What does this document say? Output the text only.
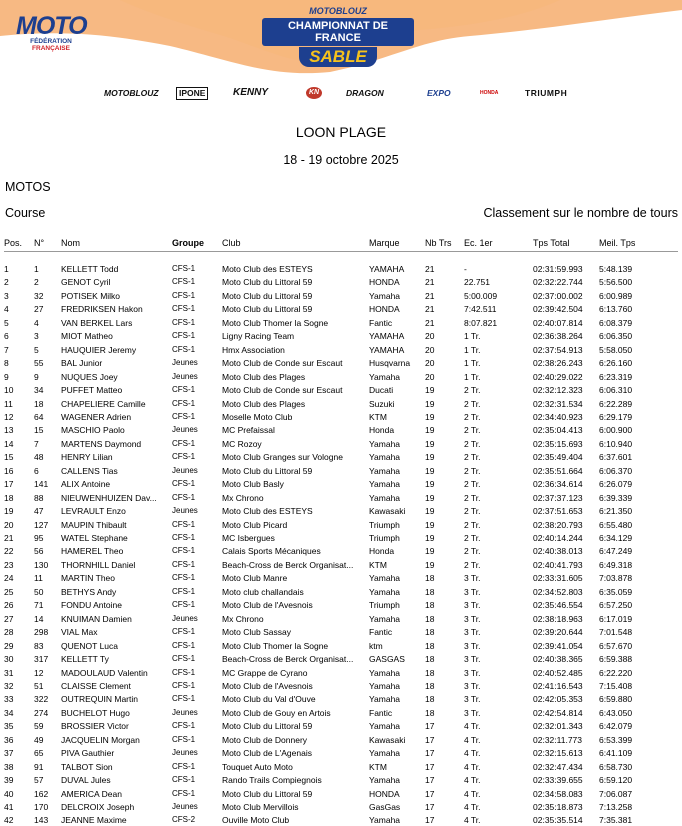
MOTO
FÉDÉRATION
FRANÇAISE
MOTOBLOUZ
CHAMPIONNAT DE FRANCE
SABLE
MOTOBLOUZ	IPONE	KENNY	KN	DRAGON	EXPO	HONDA	TRIUMPH
LOON PLAGE
18 - 19 octobre 2025
MOTOS
Course	Classement sur le nombre de tours
Pos. N° Nom	Groupe Club	Marque	Nb Trs Ec. 1er	Tps Total	Meil. Tps
1	1	KELLETT Todd	CFS-1	Moto Club des ESTEYS	YAMAHA 21	-	02:31:59.993 5:48.139
2	2	GENOT Cyril	CFS-1	Moto Club du Littoral 59	HONDA	21	22.751	02:32:22.744 5:56.500
3	32 POTISEK Milko	CFS-1	Moto Club du Littoral 59	Yamaha	21	5:00.009	02:37:00.002 6:00.989
4	27 FREDRIKSEN Hakon	CFS-1	Moto Club du Littoral 59	HONDA	21	7:42.511	02:39:42.504 6:13.760
5	4	VAN BERKEL Lars	CFS-1	Moto Club Thomer la Sogne	Fantic	21	8:07.821	02:40:07.814 6:08.379
6	3	MIOT Matheo	CFS-1	Ligny Racing Team	YAMAHA 20	1 Tr.	02:36:38.264 6:06.350
7	5	HAUQUIER Jeremy	CFS-1	Hmx Association	YAMAHA 20	1 Tr.	02:37:54.913 5:58.050
8	55 BAL Junior	Jeunes	Moto Club de Conde sur Escaut	Husqvarna 20	1 Tr.	02:38:26.243 6:26.160
9	9	NUQUES Joey	Jeunes	Moto Club des Plages	Yamaha	20	1 Tr.	02:40:29.022 6:23.319
10 34 PUFFET Matteo	CFS-1	Moto Club de Conde sur Escaut	Ducati	19	2 Tr.	02:32:12.323 6:06.310
11 18 CHAPELIERE Camille	CFS-1	Moto Club des Plages	Suzuki	19	2 Tr.	02:32:31.534 6:22.289
12 64 WAGENER Adrien	CFS-1	Moselle Moto Club	KTM	19	2 Tr.	02:34:40.923 6:29.179
13 15 MASCHIO Paolo	Jeunes	MC Prefaissal	Honda	19	2 Tr.	02:35:04.413 6:00.900
14 7	MARTENS Daymond	CFS-1	MC Rozoy	Yamaha	19	2 Tr.	02:35:15.693 6:10.940
15 48 HENRY Lilian	CFS-1	Moto Club Granges sur Vologne	Yamaha	19	2 Tr.	02:35:49.404 6:37.601
16 6	CALLENS Tias	Jeunes	Moto Club du Littoral 59	Yamaha	19	2 Tr.	02:35:51.664 6:06.370
17 141 ALIX Antoine	CFS-1	Moto Club Basly	Yamaha	19	2 Tr.	02:36:34.614 6:26.079
18 88 NIEUWENHUIZEN Dav... CFS-1	Mx Chrono	Yamaha	19	2 Tr.	02:37:37.123 6:39.339
19 47 LEVRAULT Enzo	Jeunes	Moto Club des ESTEYS	Kawasaki 19	2 Tr.	02:37:51.653 6:21.350
20 127 MAUPIN Thibault	CFS-1	Moto Club Picard	Triumph	19	2 Tr.	02:38:20.793 6:55.480
21 95 WATEL Stephane	CFS-1	MC Isbergues	Triumph	19	2 Tr.	02:40:14.244 6:34.129
22 56 HAMEREL Theo	CFS-1	Calais Sports Mécaniques	Honda	19	2 Tr.	02:40:38.013 6:47.249
23 130 THORNHILL Daniel	CFS-1	Beach-Cross de Berck Organisat... KTM	19	2 Tr.	02:40:41.793 6:49.318
24 11 MARTIN Theo	CFS-1	Moto Club Manre	Yamaha	18	3 Tr.	02:33:31.605 7:03.878
25 50 BETHYS Andy	CFS-1	Moto club challandais	Yamaha	18	3 Tr.	02:34:52.803 6:35.059
26 71 FONDU Antoine	CFS-1	Moto Club de l'Avesnois	Triumph	18	3 Tr.	02:35:46.554 6:57.250
27 14 KNUIMAN Damien	Jeunes	Mx Chrono	Yamaha	18	3 Tr.	02:38:18.963 6:17.019
28 298 VIAL Max	CFS-1	Moto Club Sassay	Fantic	18	3 Tr.	02:39:20.644 7:01.548
29 83 QUENOT Luca	CFS-1	Moto Club Thomer la Sogne	ktm	18	3 Tr.	02:39:41.054 6:57.670
30 317 KELLETT Ty	CFS-1	Beach-Cross de Berck Organisat... GASGAS 18	3 Tr.	02:40:38.365 6:59.388
31 12 MADOULAUD Valentin	CFS-1	MC Grappe de Cyrano	Yamaha	18	3 Tr.	02:40:52.485 6:22.220
32 51 CLAISSE Clement	CFS-1	Moto Club de l'Avesnois	Yamaha	18	3 Tr.	02:41:16.543 7:15.408
33 322 OUTREQUIN Martin	CFS-1	Moto Club du Val d'Ouve	Yamaha	18	3 Tr.	02:42:05.353 6:59.880
34 274 BUCHELOT Hugo	Jeunes	Moto Club de Gouy en Artois	Fantic	18	3 Tr.	02:42:54.814 6:43.050
35 59 BROSSIER Victor	CFS-1	Moto Club du Littoral 59	Yamaha	17	4 Tr.	02:32:01.343 6:42.079
36 49 JACQUELIN Morgan	CFS-1	Moto Club de Donnery	Kawasaki 17	4 Tr.	02:32:11.773 6:53.399
37 65 PIVA Gauthier	Jeunes	Moto Club de L'Agenais	Yamaha	17	4 Tr.	02:32:15.613 6:41.109
38 91 TALBOT Sion	CFS-1	Touquet Auto Moto	KTM	17	4 Tr.	02:32:47.434 6:58.730
39 57 DUVAL Jules	CFS-1	Rando Trails Compiegnois	Yamaha	17	4 Tr.	02:33:39.655 6:59.120
40 162 AMERICA Dean	CFS-1	Moto Club du Littoral 59	HONDA	17	4 Tr.	02:34:58.083 7:06.087
41 170 DELCROIX Joseph	Jeunes	Moto Club Mervillois	GasGas	17	4 Tr.	02:35:18.873 7:13.258
42 143 JEANNE Maxime	CFS-2	Ouville Moto Club	Yamaha	17	4 Tr.	02:35:35.514 7:35.381
